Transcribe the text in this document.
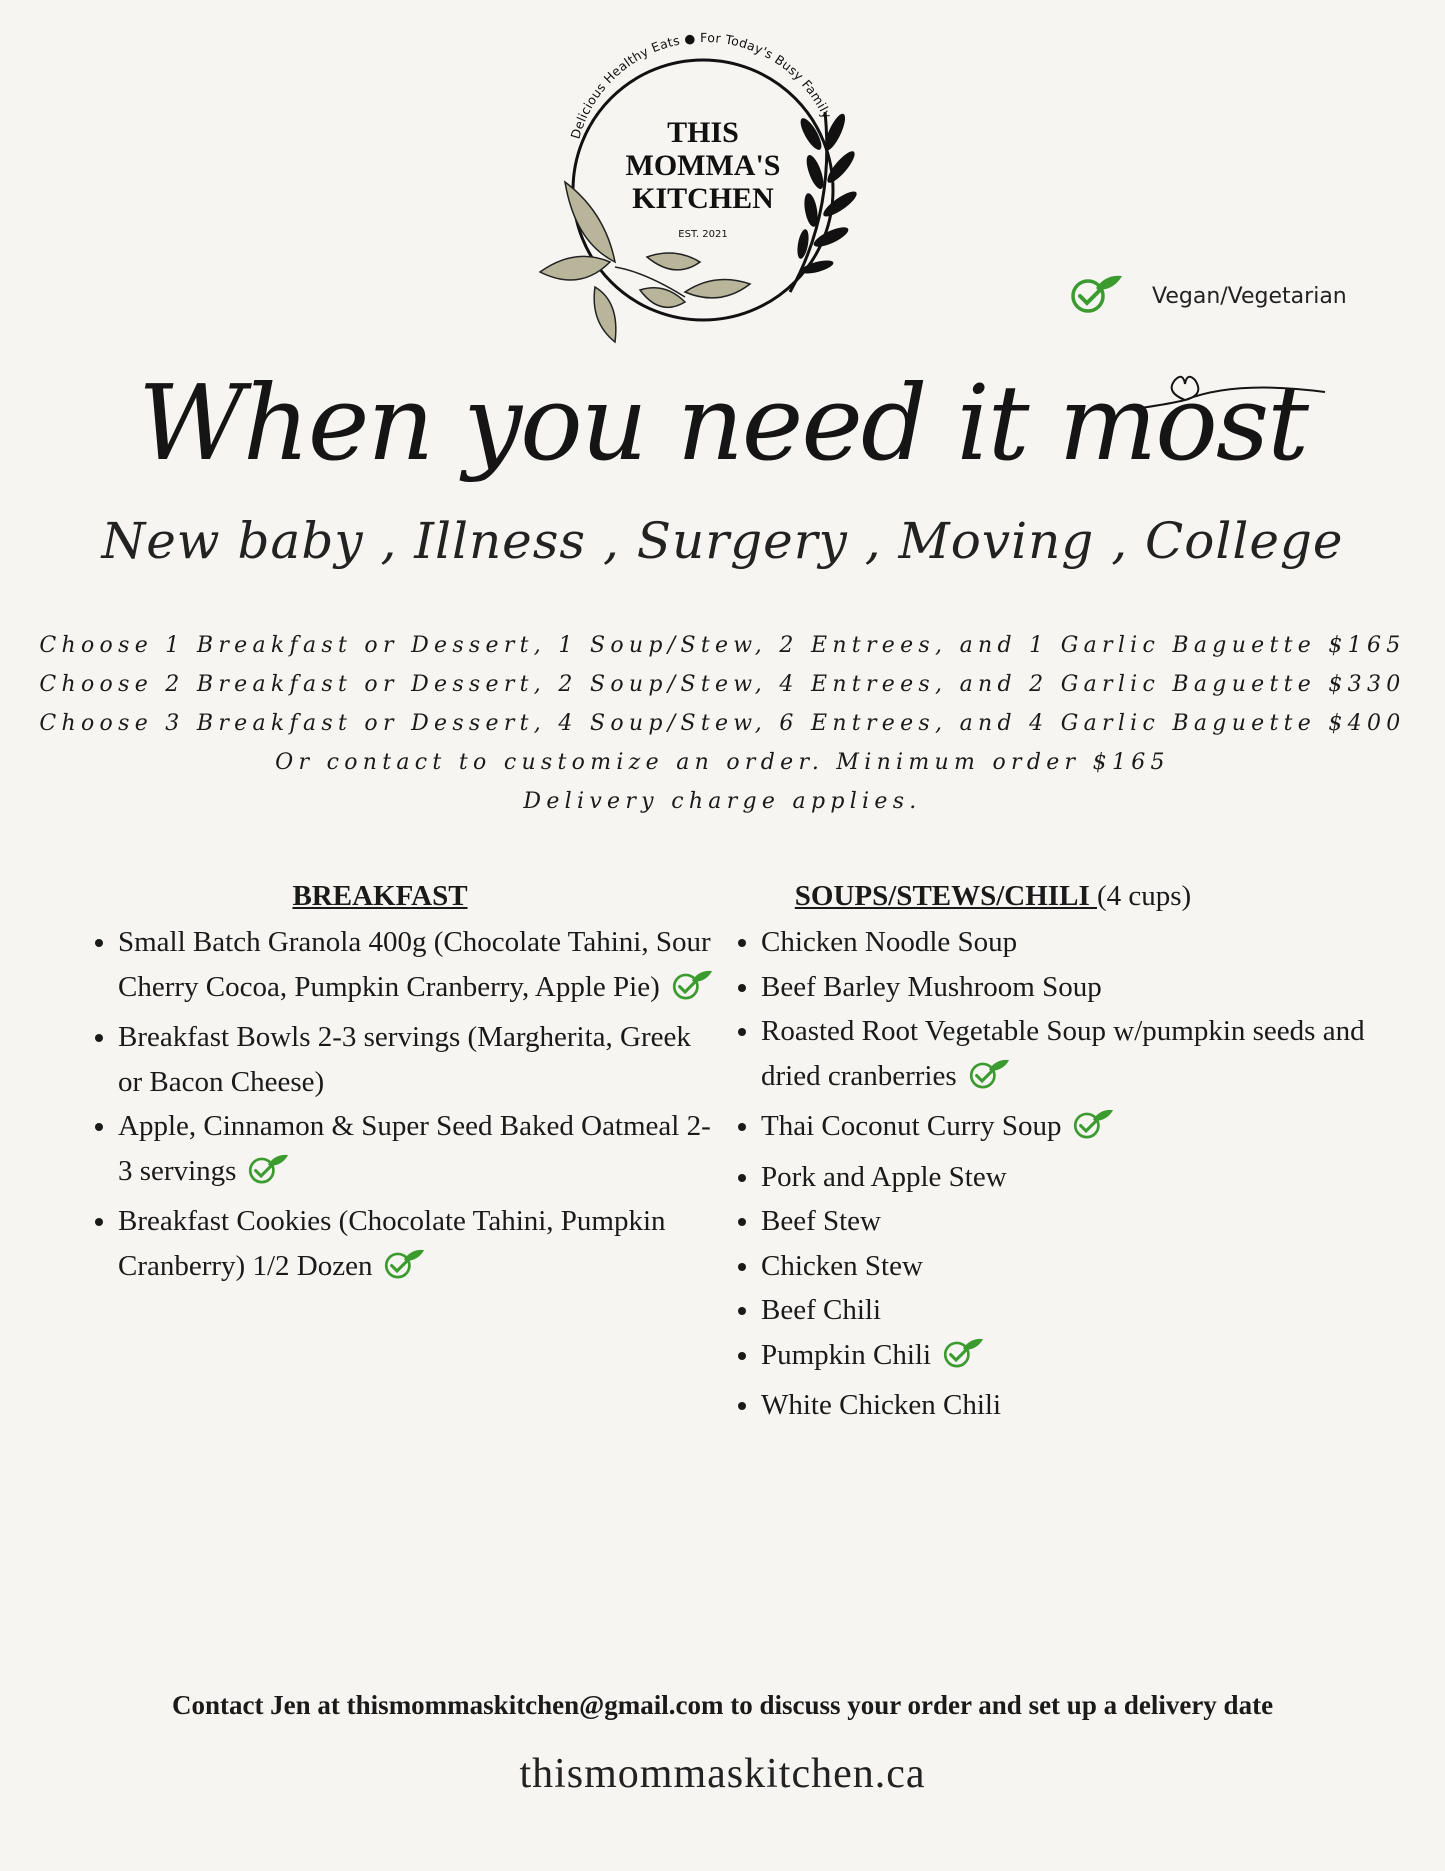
Delicious Healthy Eats ● For Today's Busy Family
THIS
MOMMA'S
KITCHEN
EST. 2021
Vegan/Vegetarian
When you need it most
New baby , Illness , Surgery , Moving , College
Choose 1 Breakfast or Dessert, 1 Soup/Stew, 2 Entrees, and 1 Garlic Baguette $165
Choose 2 Breakfast or Dessert, 2 Soup/Stew, 4 Entrees, and 2 Garlic Baguette $330
Choose 3 Breakfast or Dessert, 4 Soup/Stew, 6 Entrees, and 4 Garlic Baguette $400
Or contact to customize an order. Minimum order $165
Delivery charge applies.
BREAKFAST
• Small Batch Granola 400g (Chocolate Tahini, Sour Cherry Cocoa, Pumpkin Cranberry, Apple Pie)
• Breakfast Bowls 2-3 servings (Margherita, Greek or Bacon Cheese)
• Apple, Cinnamon & Super Seed Baked Oatmeal 2-3 servings
• Breakfast Cookies (Chocolate Tahini, Pumpkin Cranberry) 1/2 Dozen
SOUPS/STEWS/CHILI (4 cups)
• Chicken Noodle Soup
• Beef Barley Mushroom Soup
• Roasted Root Vegetable Soup w/pumpkin seeds and dried cranberries
• Thai Coconut Curry Soup
• Pork and Apple Stew
• Beef Stew
• Chicken Stew
• Beef Chili
• Pumpkin Chili
• White Chicken Chili
Contact Jen at thismommaskitchen@gmail.com to discuss your order and set up a delivery date
thismommaskitchen.ca
